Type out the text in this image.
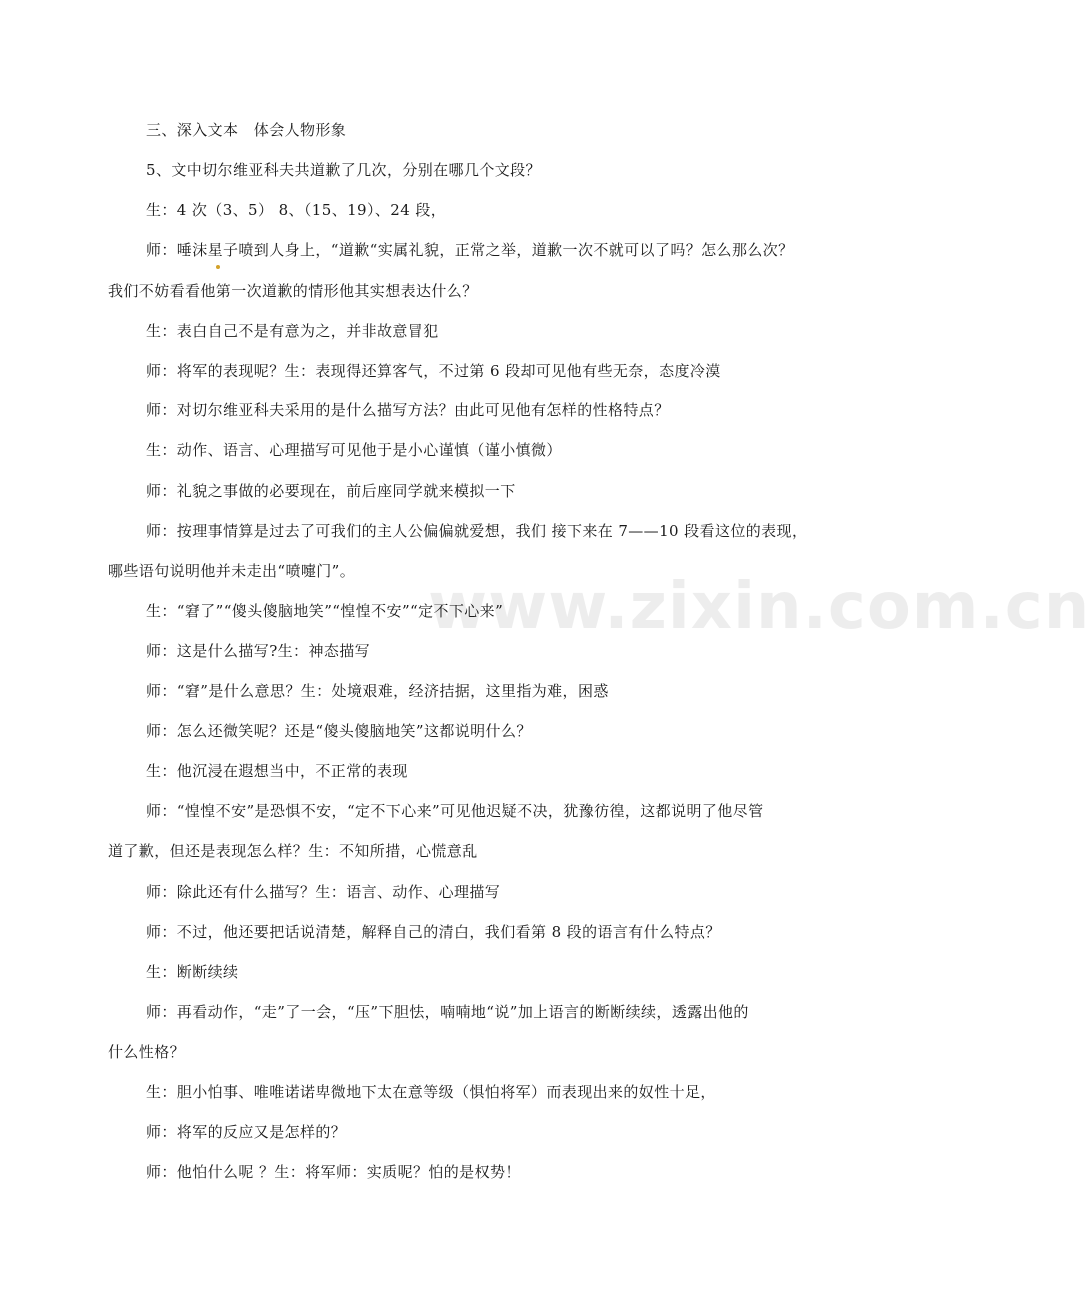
www.zixin.com.cn
三、深入文本　体会人物形象
5、文中切尔维亚科夫共道歉了几次，分别在哪几个文段？
生：4 次（3、5） 8、（15、19）、24 段，
师：唾沫星子喷到人身上，“道歉“实属礼貌，正常之举，道歉一次不就可以了吗？怎么那么次？
我们不妨看看他第一次道歉的情形他其实想表达什么？
生：表白自己不是有意为之，并非故意冒犯
师：将军的表现呢？生：表现得还算客气，不过第 6 段却可见他有些无奈，态度冷漠
师：对切尔维亚科夫采用的是什么描写方法？由此可见他有怎样的性格特点？
生：动作、语言、心理描写可见他于是小心谨慎（谨小慎微）
师：礼貌之事做的必要现在，前后座同学就来模拟一下
师：按理事情算是过去了可我们的主人公偏偏就爱想，我们 接下来在 7——10 段看这位的表现，
哪些语句说明他并未走出“喷嚏门”。
生：“窘了”“傻头傻脑地笑”“惶惶不安”“定不下心来”
师：这是什么描写?生：神态描写
师：“窘”是什么意思？生：处境艰难，经济拮据，这里指为难，困惑
师：怎么还微笑呢？还是“傻头傻脑地笑”这都说明什么？
生：他沉浸在遐想当中，不正常的表现
师：“惶惶不安”是恐惧不安，“定不下心来”可见他迟疑不决，犹豫彷徨，这都说明了他尽管
道了歉，但还是表现怎么样？生：不知所措，心慌意乱
师：除此还有什么描写？生：语言、动作、心理描写
师：不过，他还要把话说清楚，解释自己的清白，我们看第 8 段的语言有什么特点？
生：断断续续
师：再看动作，“走”了一会，“压”下胆怯，喃喃地“说”加上语言的断断续续，透露出他的
什么性格？
生：胆小怕事、唯唯诺诺卑微地下太在意等级（惧怕将军）而表现出来的奴性十足，
师：将军的反应又是怎样的？
师：他怕什么呢 ？生：将军师：实质呢？怕的是权势！
